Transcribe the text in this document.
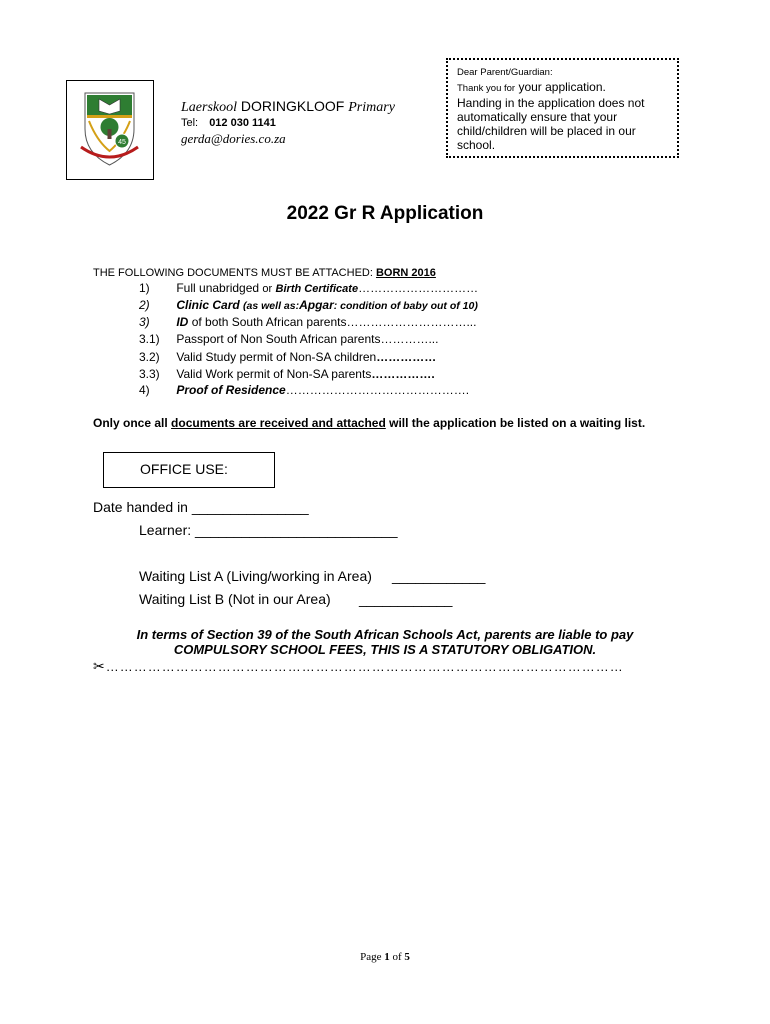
45
Laerskool DORINGKLOOF Primary
Tel: 012 030 1141
gerda@dories.co.za
Dear Parent/Guardian:
Thank you for your application.
Handing in the application does not
automatically ensure that your
child/children will be placed in our
school.
2022 Gr R Application
THE FOLLOWING DOCUMENTS MUST BE ATTACHED: BORN 2016
1) Full unabridged or Birth Certificate…………………………
2) Clinic Card (as well as:Apgar: condition of baby out of 10)
3) ID of both South African parents…………………………...
3.1) Passport of Non South African parents…………...
3.2) Valid Study permit of Non-SA children……………
3.3) Valid Work permit of Non-SA parents…………….
4) Proof of Residence……………………………………….
Only once all documents are received and attached will the application be listed on a waiting list.
OFFICE USE:
Date handed in _______________
Learner: __________________________
Waiting List A (Living/working in Area) ____________
Waiting List B (Not in our Area) ____________
In terms of Section 39 of the South African Schools Act, parents are liable to pay
COMPULSORY SCHOOL FEES, THIS IS A STATUTORY OBLIGATION.
✂…………………………………………………………………………………………………
Page 1 of 5
